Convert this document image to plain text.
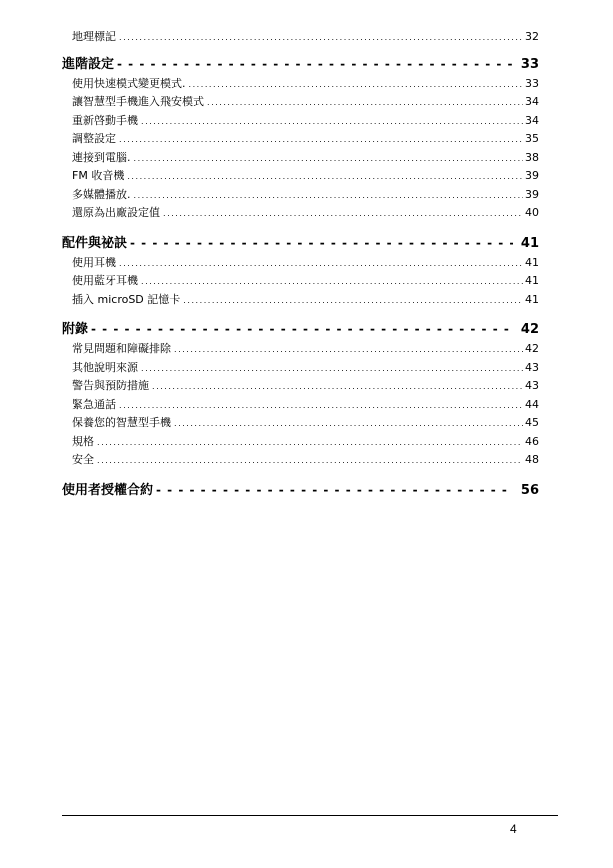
地理標記 . . .	32
進階設定 - - -	33
使用快速模式變更模式. . . .	33
讓智慧型手機進入飛安模式 . . .	34
重新啓動手機 . . .	34
調整設定 . . .	35
連接到電腦. . . .	38
FM 收音機 . . .	39
多媒體播放. . . .	39
還原為出廠設定值 . . .	40
配件與祕訣 - - -	41
使用耳機 . . .	41
使用藍牙耳機 . . .	41
插入 microSD 記憶卡 . . .	41
附錄 - - -	42
常見問題和障礙排除 . . .	42
其他說明來源 . . .	43
警告與預防措施 . . .	43
緊急通話 . . .	44
保養您的智慧型手機 . . .	45
規格 . . .	46
安全 . . .	48
使用者授權合約 - - -	56
4
